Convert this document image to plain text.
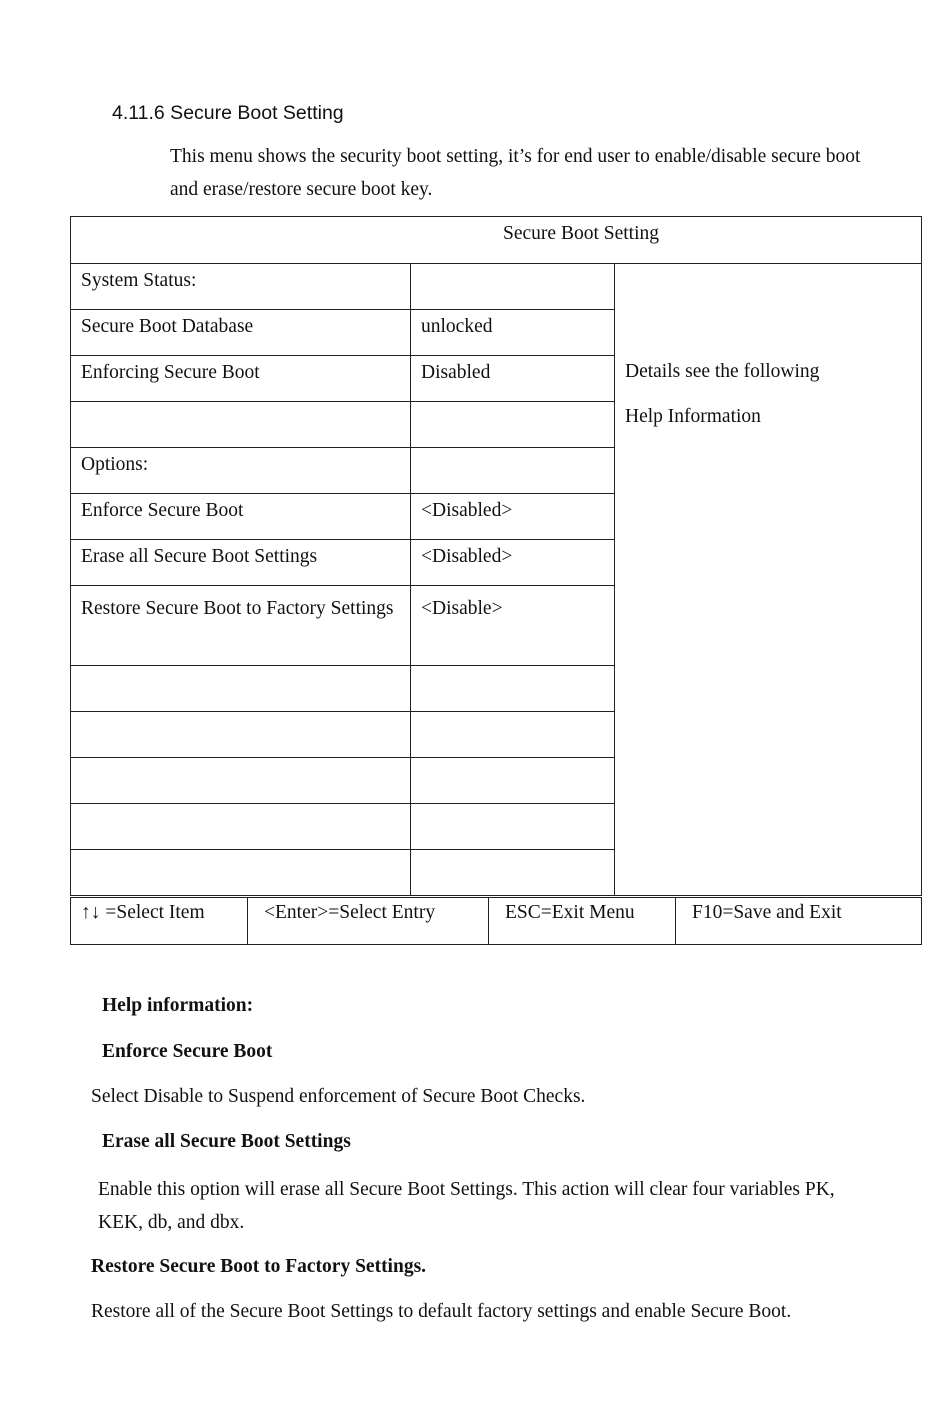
4.11.6 Secure Boot Setting
This menu shows the security boot setting, it’s for end user to enable/disable secure boot and erase/restore secure boot key.
Secure Boot Setting		
System Status:		Details see the following
Help Information

Secure Boot Database	unlocked	
Enforcing Secure Boot	Disabled	

Options:		
Enforce Secure Boot	<Disabled>	
Erase all Secure Boot Settings	<Disabled>	
Restore Secure Boot to Factory Settings	<Disable>	

↑↓ =Select Item	<Enter>=Select Entry	ESC=Exit Menu	F10=Save and Exit
Help information:
Enforce Secure Boot
Select Disable to Suspend enforcement of Secure Boot Checks.
Erase all Secure Boot Settings
Enable this option will erase all Secure Boot Settings. This action will clear four variables PK, KEK, db, and dbx.
Restore Secure Boot to Factory Settings.
Restore all of the Secure Boot Settings to default factory settings and enable Secure Boot.
